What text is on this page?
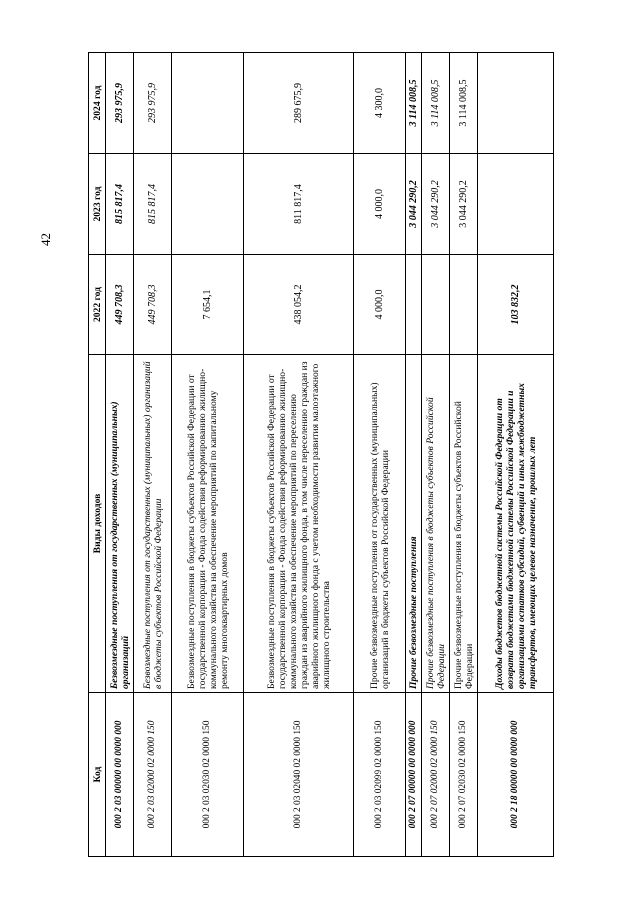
42
Код	Виды доходов	2022 год	2023 год	2024 год
000 2 03 00000 00 0000 000	Безвозмездные поступления от государственных (муниципальных) организаций	449 708,3	815 817,4	293 975,9
000 2 03 02000 02 0000 150	Безвозмездные поступления от государственных (муниципальных) организаций в бюджеты субъектов Российской Федерации	449 708,3	815 817,4	293 975,9
000 2 03 02030 02 0000 150	Безвозмездные поступления в бюджеты субъектов Российской Федерации от государственной корпорации - Фонда содействия реформированию жилищно-коммунального хозяйства на обеспечение мероприятий по капитальному ремонту многоквартирных домов	7 654,1		
000 2 03 02040 02 0000 150	Безвозмездные поступления в бюджеты субъектов Российской Федерации от государственной корпорации - Фонда содействия реформированию жилищно-коммунального хозяйства на обеспечение мероприятий по переселению граждан из аварийного жилищного фонда, в том числе переселению граждан из аварийного жилищного фонда с учетом необходимости развития малоэтажного жилищного строительства	438 054,2	811 817,4	289 675,9
000 2 03 02099 02 0000 150	Прочие безвозмездные поступления от государственных (муниципальных) организаций в бюджеты субъектов Российской Федерации	4 000,0	4 000,0	4 300,0
000 2 07 00000 00 0000 000	Прочие безвозмездные поступления		3 044 290,2	3 114 008,5
000 2 07 02000 02 0000 150	Прочие безвозмездные поступления в бюджеты субъектов Российской Федерации		3 044 290,2	3 114 008,5
000 2 07 02030 02 0000 150	Прочие безвозмездные поступления в бюджеты субъектов Российской Федерации		3 044 290,2	3 114 008,5
000 2 18 00000 00 0000 000	Доходы бюджетов бюджетной системы Российской Федерации от возврата бюджетами бюджетной системы Российской Федерации и организациями остатков субсидий, субвенций и иных межбюджетных трансфертов, имеющих целевое назначение, прошлых лет	103 832,2		
